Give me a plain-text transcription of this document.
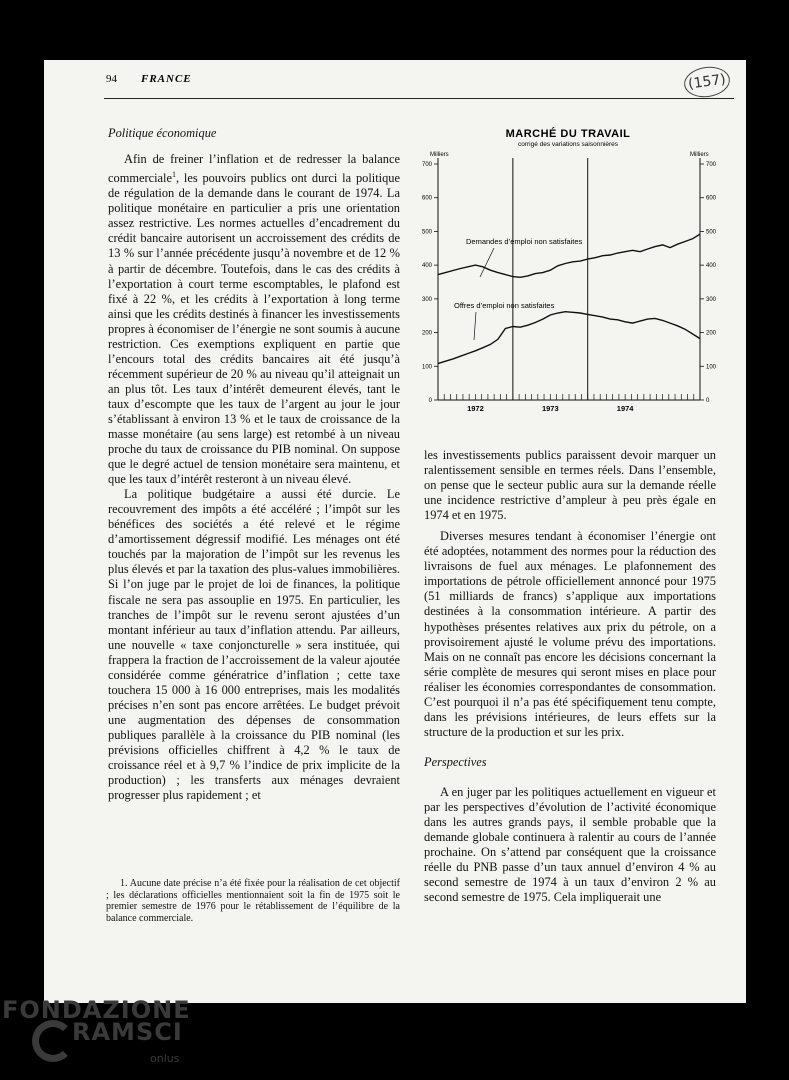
94 FRANCE	(157)
Politique économique

Afin de freiner l’inflation et de redresser la balance commerciale$^1$, les pouvoirs publics ont durci la politique de régulation de la demande dans le courant de 1974. La politique monétaire en particulier a pris une orientation assez restrictive. Les normes actuelles d’encadrement du crédit bancaire autorisent un accroissement des crédits de 13 % sur l’année précédente jusqu’à novembre et de 12 % à partir de décembre. Toutefois, dans le cas des crédits à l’exportation à court terme escomptables, le plafond est fixé à 22 %, et les crédits à l’exportation à long terme ainsi que les crédits destinés à financer les investissements propres à économiser de l’énergie ne sont soumis à aucune restriction. Ces exemptions expliquent en partie que l’encours total des crédits bancaires ait été jusqu’à récemment supérieur de 20 % au niveau qu’il atteignait un an plus tôt. Les taux d’intérêt demeurent élevés, tant le taux d’escompte que les taux de l’argent au jour le jour s’établissant à environ 13 % et le taux de croissance de la masse monétaire (au sens large) est retombé à un niveau proche du taux de croissance du PIB nominal. On suppose que le degré actuel de tension monétaire sera maintenu, et que les taux d’intérêt resteront à un niveau élevé.

La politique budgétaire a aussi été durcie. Le recouvrement des impôts a été accéléré ; l’impôt sur les bénéfices des sociétés a été relevé et le régime d’amortissement dégressif modifié. Les ménages ont été touchés par la majoration de l’impôt sur les revenus les plus élevés et par la taxation des plus-values immobilières. Si l’on juge par le projet de loi de finances, la politique fiscale ne sera pas assouplie en 1975. En particulier, les tranches de l’impôt sur le revenu seront ajustées d’un montant inférieur au taux d’inflation attendu. Par ailleurs, une nouvelle « taxe conjoncturelle » sera instituée, qui frappera la fraction de l’accroissement de la valeur ajoutée considérée comme génératrice d’inflation ; cette taxe touchera 15 000 à 16 000 entreprises, mais les modalités précises n’en sont pas encore arrêtées. Le budget prévoit une augmentation des dépenses de consommation publiques parallèle à la croissance du PIB nominal (les prévisions officielles chiffrent à 4,2 % le taux de croissance réel et à 9,7 % l’indice de prix implicite de la production) ; les transferts aux ménages devraient progresser plus rapidement ; et

1. Aucune date précise n’a été fixée pour la réalisation de cet objectif ; les déclarations officielles mentionnaient soit la fin de 1975 soit le premier semestre de 1976 pour le rétablissement de l’équilibre de la balance commerciale.

MARCHÉ DU TRAVAIL
corrigé des variations saisonnières
Milliers	Milliers
0	0
100	100
200	200
300	300
400	400
500	500
600	600
700	700
1972	1973	1974
Demandes d’emploi non satisfaites
Offres d’emploi non satisfaites

les investissements publics paraissent devoir marquer un ralentissement sensible en termes réels. Dans l’ensemble, on pense que le secteur public aura sur la demande réelle une incidence restrictive d’ampleur à peu près égale en 1974 et en 1975.

Diverses mesures tendant à économiser l’énergie ont été adoptées, notamment des normes pour la réduction des livraisons de fuel aux ménages. Le plafonnement des importations de pétrole officiellement annoncé pour 1975 (51 milliards de francs) s’applique aux importations destinées à la consommation intérieure. A partir des hypothèses présentes relatives aux prix du pétrole, on a provisoirement ajusté le volume prévu des importations. Mais on ne connaît pas encore les décisions concernant la série complète de mesures qui seront mises en place pour réaliser les économies correspondantes de consommation. C’est pourquoi il n’a pas été spécifiquement tenu compte, dans les prévisions intérieures, de leurs effets sur la structure de la production et sur les prix.

Perspectives

A en juger par les politiques actuellement en vigueur et par les perspectives d’évolution de l’activité économique dans les autres grands pays, il semble probable que la demande globale continuera à ralentir au cours de l’année prochaine. On s’attend par conséquent que la croissance réelle du PNB passe d’un taux annuel d’environ 4 % au second semestre de 1974 à un taux d’environ 2 % au second semestre de 1975. Cela impliquerait une

FONDAZIONE
RAMSCI
onlus
